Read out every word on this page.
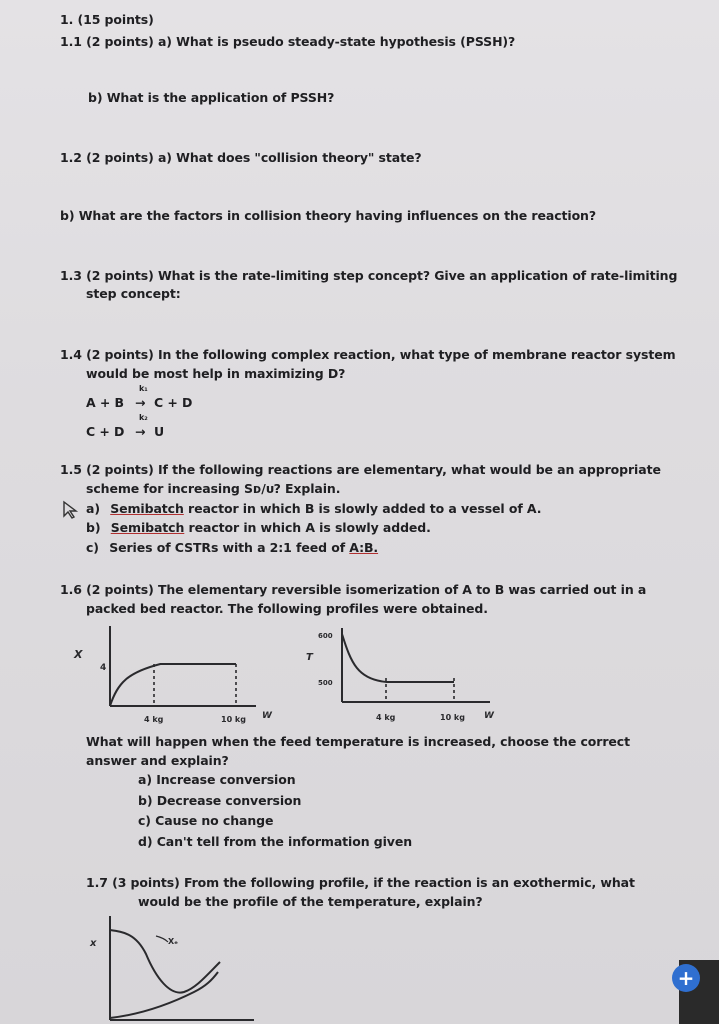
1. (15 points)
1.1 (2 points) a) What is pseudo steady-state hypothesis (PSSH)?
b) What is the application of PSSH?
1.2 (2 points) a) What does "collision theory" state?
b) What are the factors in collision theory having influences on the reaction?
1.3 (2 points) What is the rate-limiting step concept? Give an application of rate-limiting
step concept:
1.4 (2 points) In the following complex reaction, what type of membrane reactor system
would be most help in maximizing D?
A + B
k₁
→ C + D
C + D
k₂
→ U
1.5 (2 points) If the following reactions are elementary, what would be an appropriate
scheme for increasing Sᴅ/ᴜ? Explain.
a) Semibatch reactor in which B is slowly added to a vessel of A.
b) Semibatch reactor in which A is slowly added.
c) Series of CSTRs with a 2:1 feed of A:B.
1.6 (2 points) The elementary reversible isomerization of A to B was carried out in a
packed bed reactor. The following profiles were obtained.
X
4
4 kg	10 kg W
T
600
500
4 kg	10 kg W
What will happen when the feed temperature is increased, choose the correct
answer and explain?
a) Increase conversion
b) Decrease conversion
c) Cause no change
d) Can't tell from the information given
1.7 (3 points) From the following profile, if the reaction is an exothermic, what
would be the profile of the temperature, explain?
x	Xₑ
+
